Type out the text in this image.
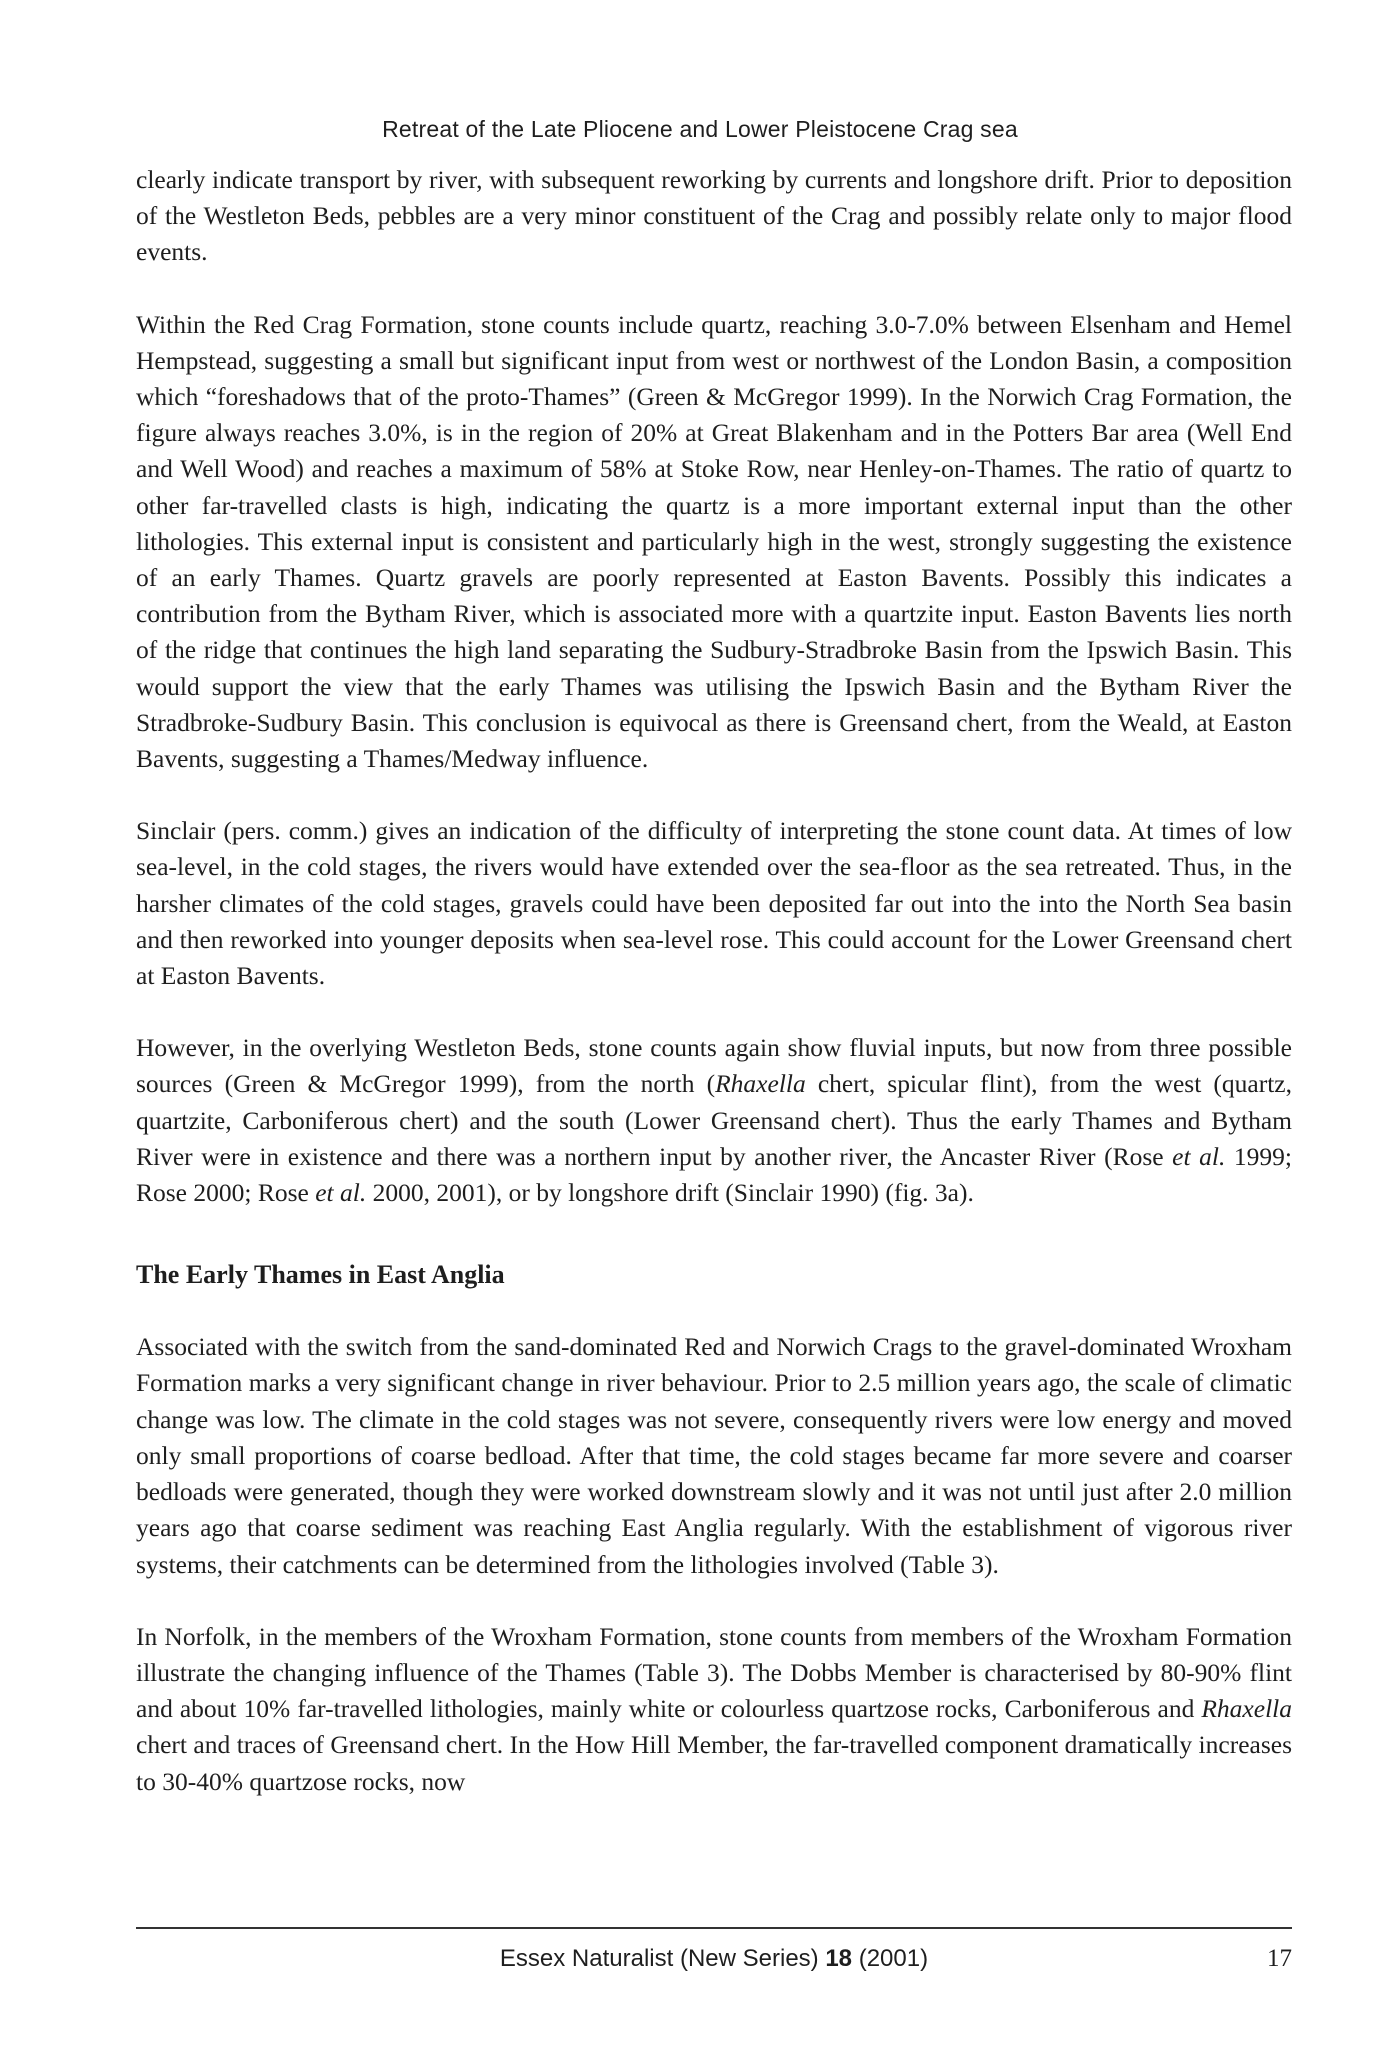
Retreat of the Late Pliocene and Lower Pleistocene Crag sea

clearly indicate transport by river, with subsequent reworking by currents and longshore drift. Prior to deposition of the Westleton Beds, pebbles are a very minor constituent of the Crag and possibly relate only to major flood events.

Within the Red Crag Formation, stone counts include quartz, reaching 3.0-7.0% between Elsenham and Hemel Hempstead, suggesting a small but significant input from west or northwest of the London Basin, a composition which “foreshadows that of the proto-Thames” (Green & McGregor 1999). In the Norwich Crag Formation, the figure always reaches 3.0%, is in the region of 20% at Great Blakenham and in the Potters Bar area (Well End and Well Wood) and reaches a maximum of 58% at Stoke Row, near Henley-on-Thames. The ratio of quartz to other far-travelled clasts is high, indicating the quartz is a more important external input than the other lithologies. This external input is consistent and particularly high in the west, strongly suggesting the existence of an early Thames. Quartz gravels are poorly represented at Easton Bavents. Possibly this indicates a contribution from the Bytham River, which is associated more with a quartzite input. Easton Bavents lies north of the ridge that continues the high land separating the Sudbury-Stradbroke Basin from the Ipswich Basin. This would support the view that the early Thames was utilising the Ipswich Basin and the Bytham River the Stradbroke-Sudbury Basin. This conclusion is equivocal as there is Greensand chert, from the Weald, at Easton Bavents, suggesting a Thames/Medway influence.

Sinclair (pers. comm.) gives an indication of the difficulty of interpreting the stone count data. At times of low sea-level, in the cold stages, the rivers would have extended over the sea-floor as the sea retreated. Thus, in the harsher climates of the cold stages, gravels could have been deposited far out into the into the North Sea basin and then reworked into younger deposits when sea-level rose. This could account for the Lower Greensand chert at Easton Bavents.

However, in the overlying Westleton Beds, stone counts again show fluvial inputs, but now from three possible sources (Green & McGregor 1999), from the north (Rhaxella chert, spicular flint), from the west (quartz, quartzite, Carboniferous chert) and the south (Lower Greensand chert). Thus the early Thames and Bytham River were in existence and there was a northern input by another river, the Ancaster River (Rose et al. 1999; Rose 2000; Rose et al. 2000, 2001), or by longshore drift (Sinclair 1990) (fig. 3a).

The Early Thames in East Anglia

Associated with the switch from the sand-dominated Red and Norwich Crags to the gravel-dominated Wroxham Formation marks a very significant change in river behaviour. Prior to 2.5 million years ago, the scale of climatic change was low. The climate in the cold stages was not severe, consequently rivers were low energy and moved only small proportions of coarse bedload. After that time, the cold stages became far more severe and coarser bedloads were generated, though they were worked downstream slowly and it was not until just after 2.0 million years ago that coarse sediment was reaching East Anglia regularly. With the establishment of vigorous river systems, their catchments can be determined from the lithologies involved (Table 3).

In Norfolk, in the members of the Wroxham Formation, stone counts from members of the Wroxham Formation illustrate the changing influence of the Thames (Table 3). The Dobbs Member is characterised by 80-90% flint and about 10% far-travelled lithologies, mainly white or colourless quartzose rocks, Carboniferous and Rhaxella chert and traces of Greensand chert. In the How Hill Member, the far-travelled component dramatically increases to 30-40% quartzose rocks, now

Essex Naturalist (New Series) 18 (2001)	17
